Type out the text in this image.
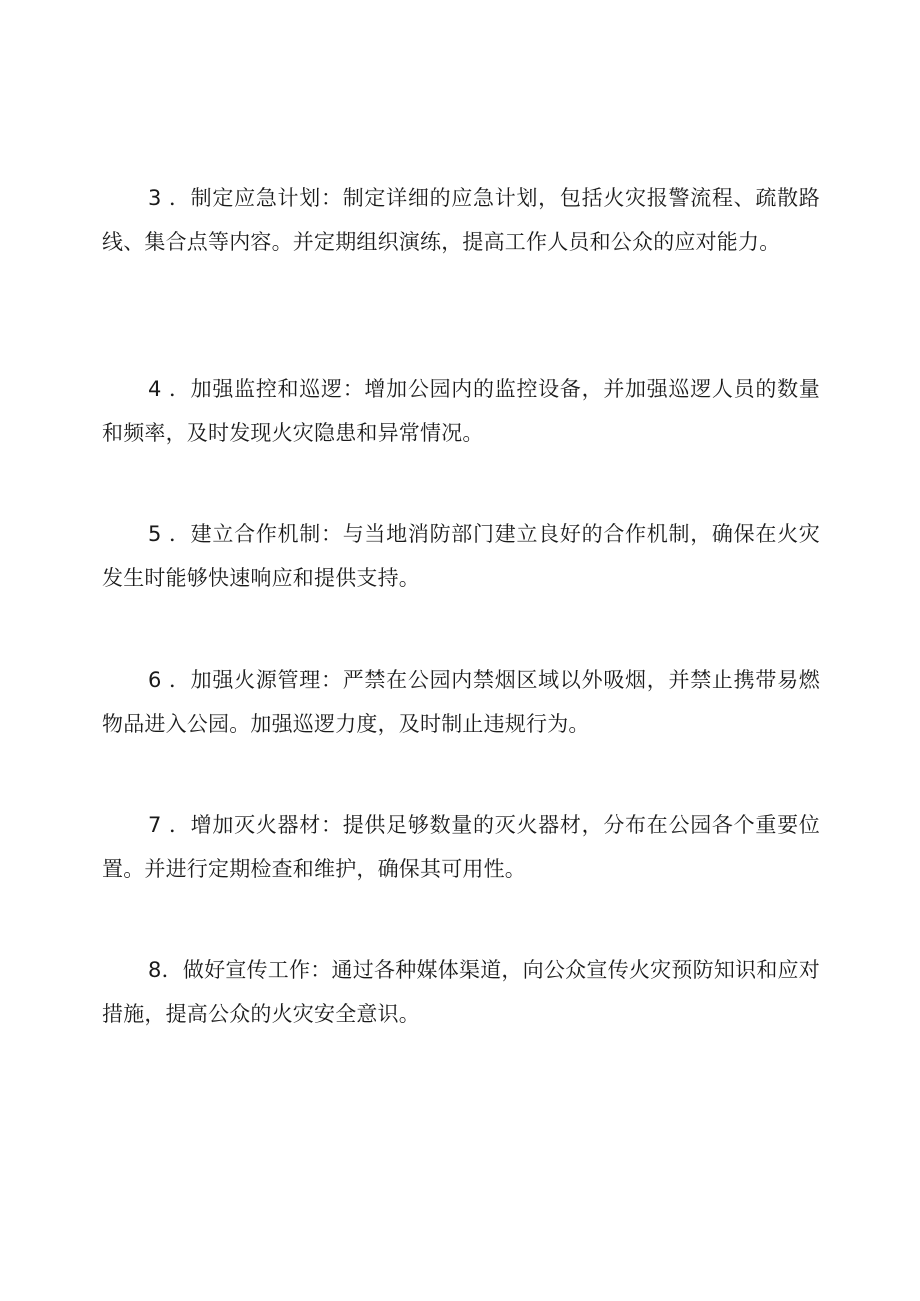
3 ．制定应急计划：制定详细的应急计划，包括火灾报警流程、疏散路线、集合点等内容。并定期组织演练，提高工作人员和公众的应对能力。

4 ．加强监控和巡逻：增加公园内的监控设备，并加强巡逻人员的数量和频率，及时发现火灾隐患和异常情况。

5 ．建立合作机制：与当地消防部门建立良好的合作机制，确保在火灾发生时能够快速响应和提供支持。

6 ．加强火源管理：严禁在公园内禁烟区域以外吸烟，并禁止携带易燃物品进入公园。加强巡逻力度，及时制止违规行为。

7 ．增加灭火器材：提供足够数量的灭火器材，分布在公园各个重要位置。并进行定期检查和维护，确保其可用性。

8．做好宣传工作：通过各种媒体渠道，向公众宣传火灾预防知识和应对措施，提高公众的火灾安全意识。
